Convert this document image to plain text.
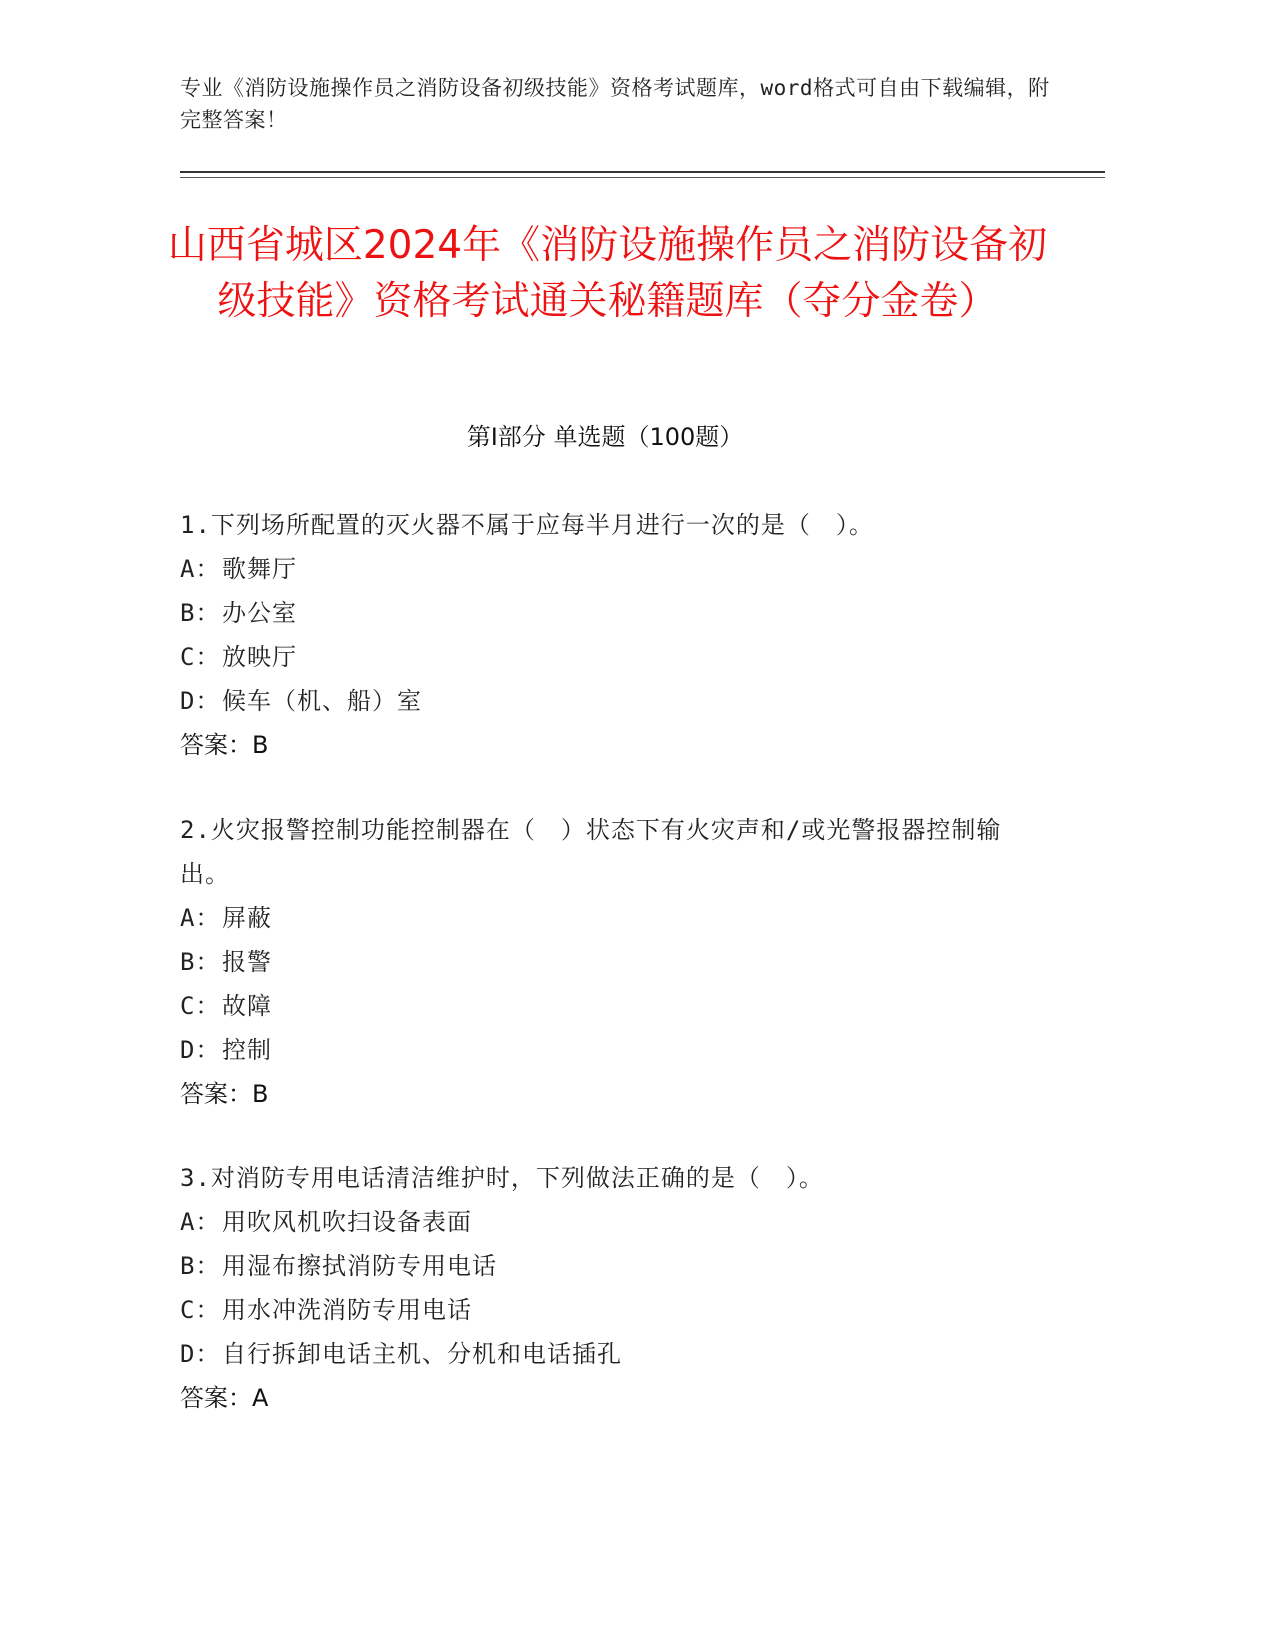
专业《消防设施操作员之消防设备初级技能》资格考试题库，word格式可自由下载编辑，附完整答案！
山西省城区2024年《消防设施操作员之消防设备初级技能》资格考试通关秘籍题库（夺分金卷）
第Ⅰ部分 单选题（100题）
1.下列场所配置的灭火器不属于应每半月进行一次的是（　）。
A：歌舞厅
B：办公室
C：放映厅
D：候车（机、船）室
答案：B
2.火灾报警控制功能控制器在（　）状态下有火灾声和/或光警报器控制输出。
A：屏蔽
B：报警
C：故障
D：控制
答案：B
3.对消防专用电话清洁维护时，下列做法正确的是（　）。
A：用吹风机吹扫设备表面
B：用湿布擦拭消防专用电话
C：用水冲洗消防专用电话
D：自行拆卸电话主机、分机和电话插孔
答案：A
